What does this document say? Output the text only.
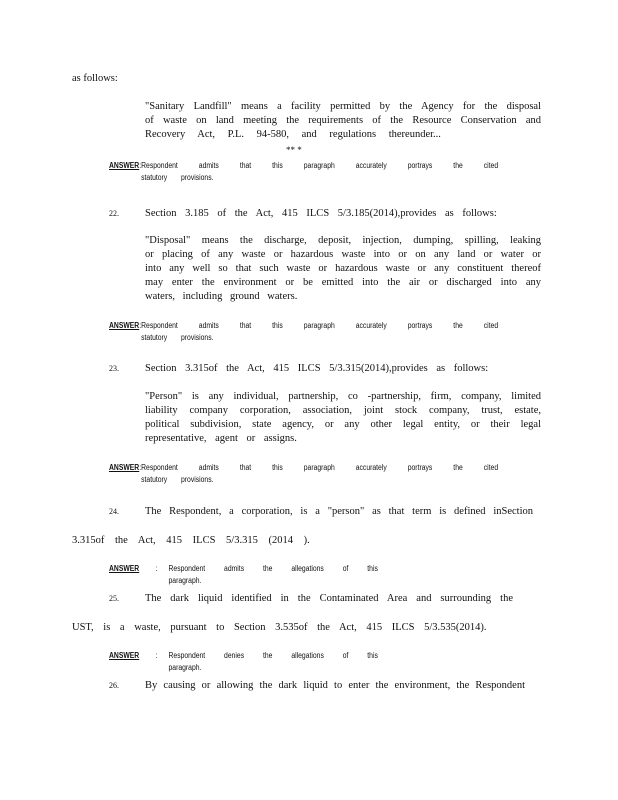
as follows:
"Sanitary Landfill" means a facility permitted by the Agency for the disposal
of waste on land meeting the requirements of the Resource Conservation and
Recovery Act, P.L. 94-580, and regulations thereunder...
** *
ANSWER : Respondent admits that this paragraph accurately portrays the cited
statutory provisions.
22. Section 3.185 of the Act, 415 ILCS 5/3.185(2014),provides as follows:
"Disposal" means the discharge, deposit, injection, dumping, spilling, leaking
or placing of any waste or hazardous waste into or on any land or water or
into any well so that such waste or hazardous waste or any constituent thereof
may enter the environment or be emitted into the air or discharged into any
waters, including ground waters.
ANSWER : Respondent admits that this paragraph accurately portrays the cited
statutory provisions.
23. Section 3.315of the Act, 415 ILCS 5/3.315(2014),provides as follows:
"Person" is any individual, partnership, co -partnership, firm, company, limited
liability company corporation, association, joint stock company, trust, estate,
political subdivision, state agency, or any other legal entity, or their legal
representative, agent or assigns.
ANSWER : Respondent admits that this paragraph accurately portrays the cited
statutory provisions.
24. The Respondent, a corporation, is a "person" as that term is defined inSection
3.315of the Act, 415 ILCS 5/3.315 (2014 ).
ANSWER	:	Respondent admits the allegations of this paragraph.
25. The dark liquid identified in the Contaminated Area and surrounding the
UST, is a waste, pursuant to Section 3.535of the Act, 415 ILCS 5/3.535(2014).
ANSWER	:	Respondent denies the allegations of this paragraph.
26. By causing or allowing the dark liquid to enter the environment, the Respondent
